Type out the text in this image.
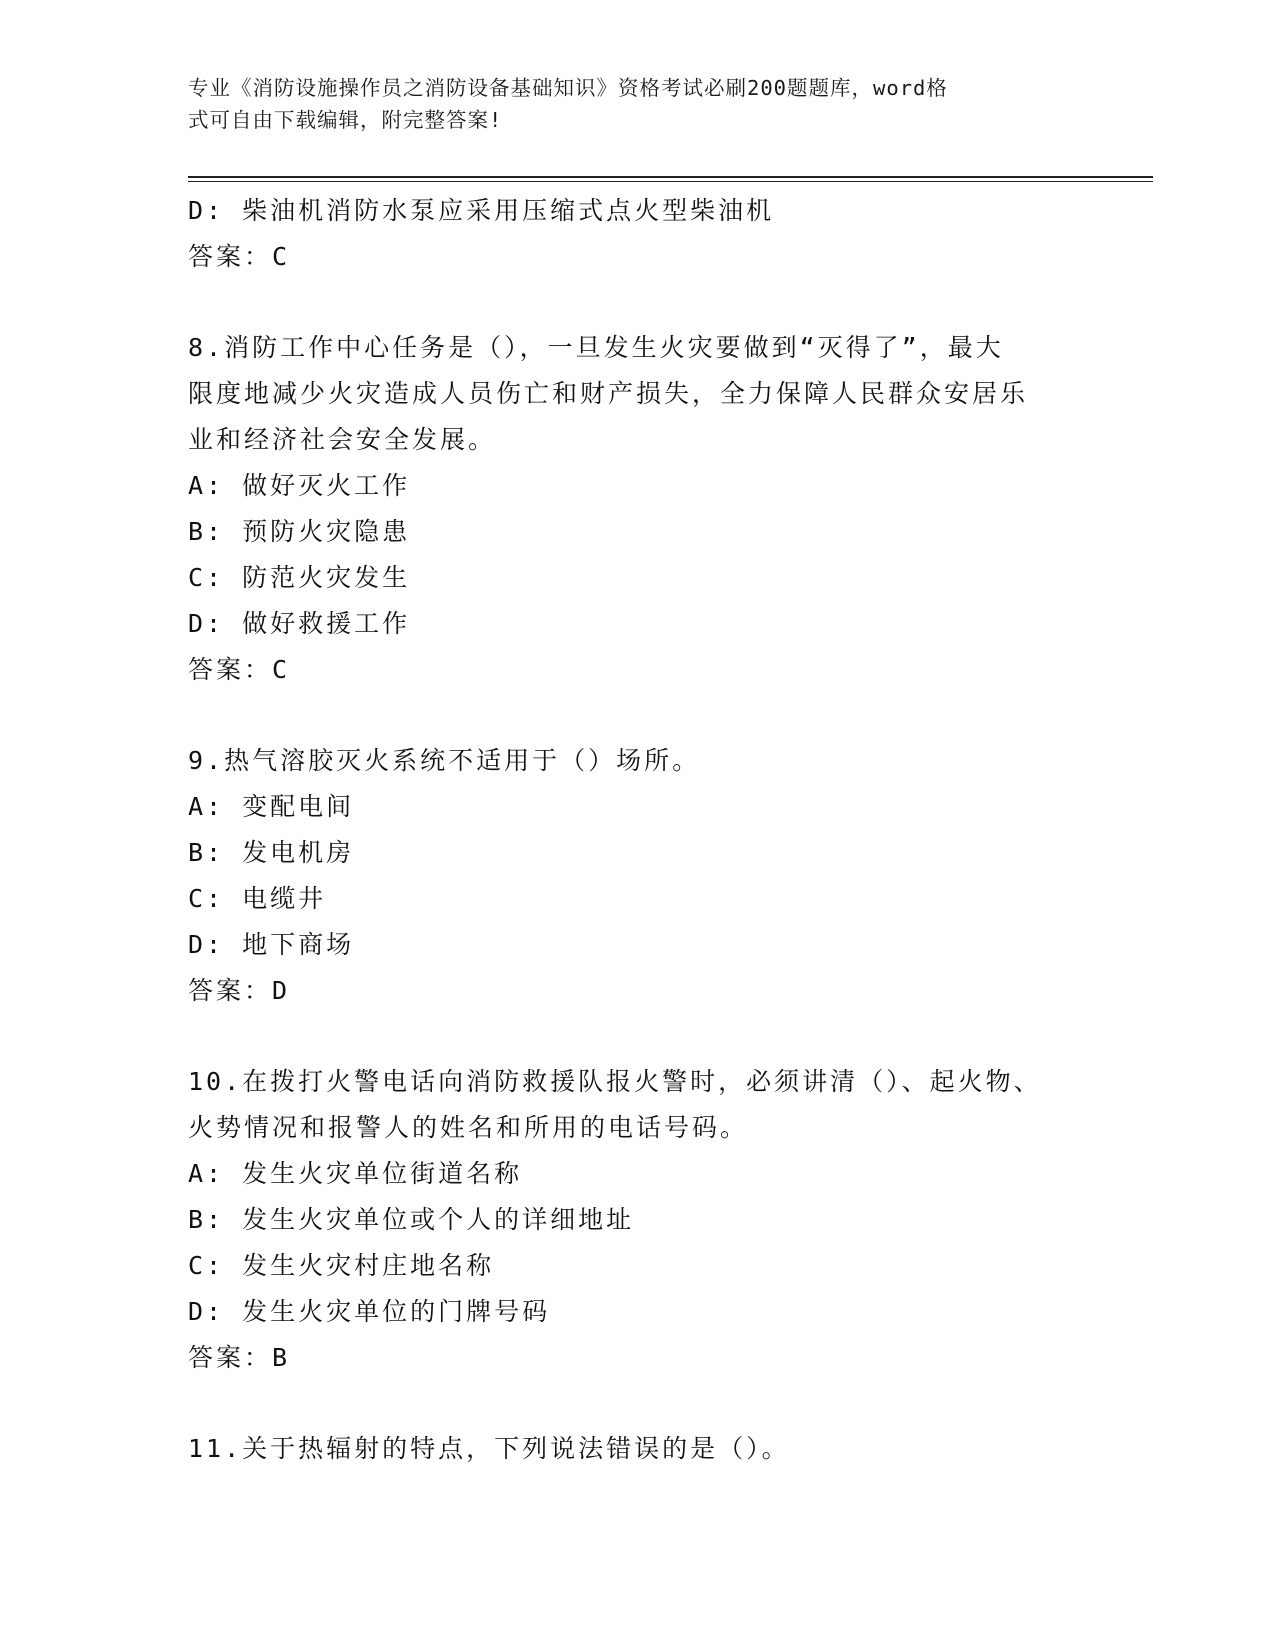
专业《消防设施操作员之消防设备基础知识》资格考试必刷200题题库，word格
式可自由下载编辑，附完整答案!
D: 柴油机消防水泵应采用压缩式点火型柴油机
答案：C
8.消防工作中心任务是（），一旦发生火灾要做到“灭得了”，最大
限度地减少火灾造成人员伤亡和财产损失，全力保障人民群众安居乐
业和经济社会安全发展。
A: 做好灭火工作
B: 预防火灾隐患
C: 防范火灾发生
D: 做好救援工作
答案：C
9.热气溶胶灭火系统不适用于（）场所。
A: 变配电间
B: 发电机房
C: 电缆井
D: 地下商场
答案：D
10.在拨打火警电话向消防救援队报火警时，必须讲清（）、起火物、
火势情况和报警人的姓名和所用的电话号码。
A: 发生火灾单位街道名称
B: 发生火灾单位或个人的详细地址
C: 发生火灾村庄地名称
D: 发生火灾单位的门牌号码
答案：B
11.关于热辐射的特点，下列说法错误的是（）。
